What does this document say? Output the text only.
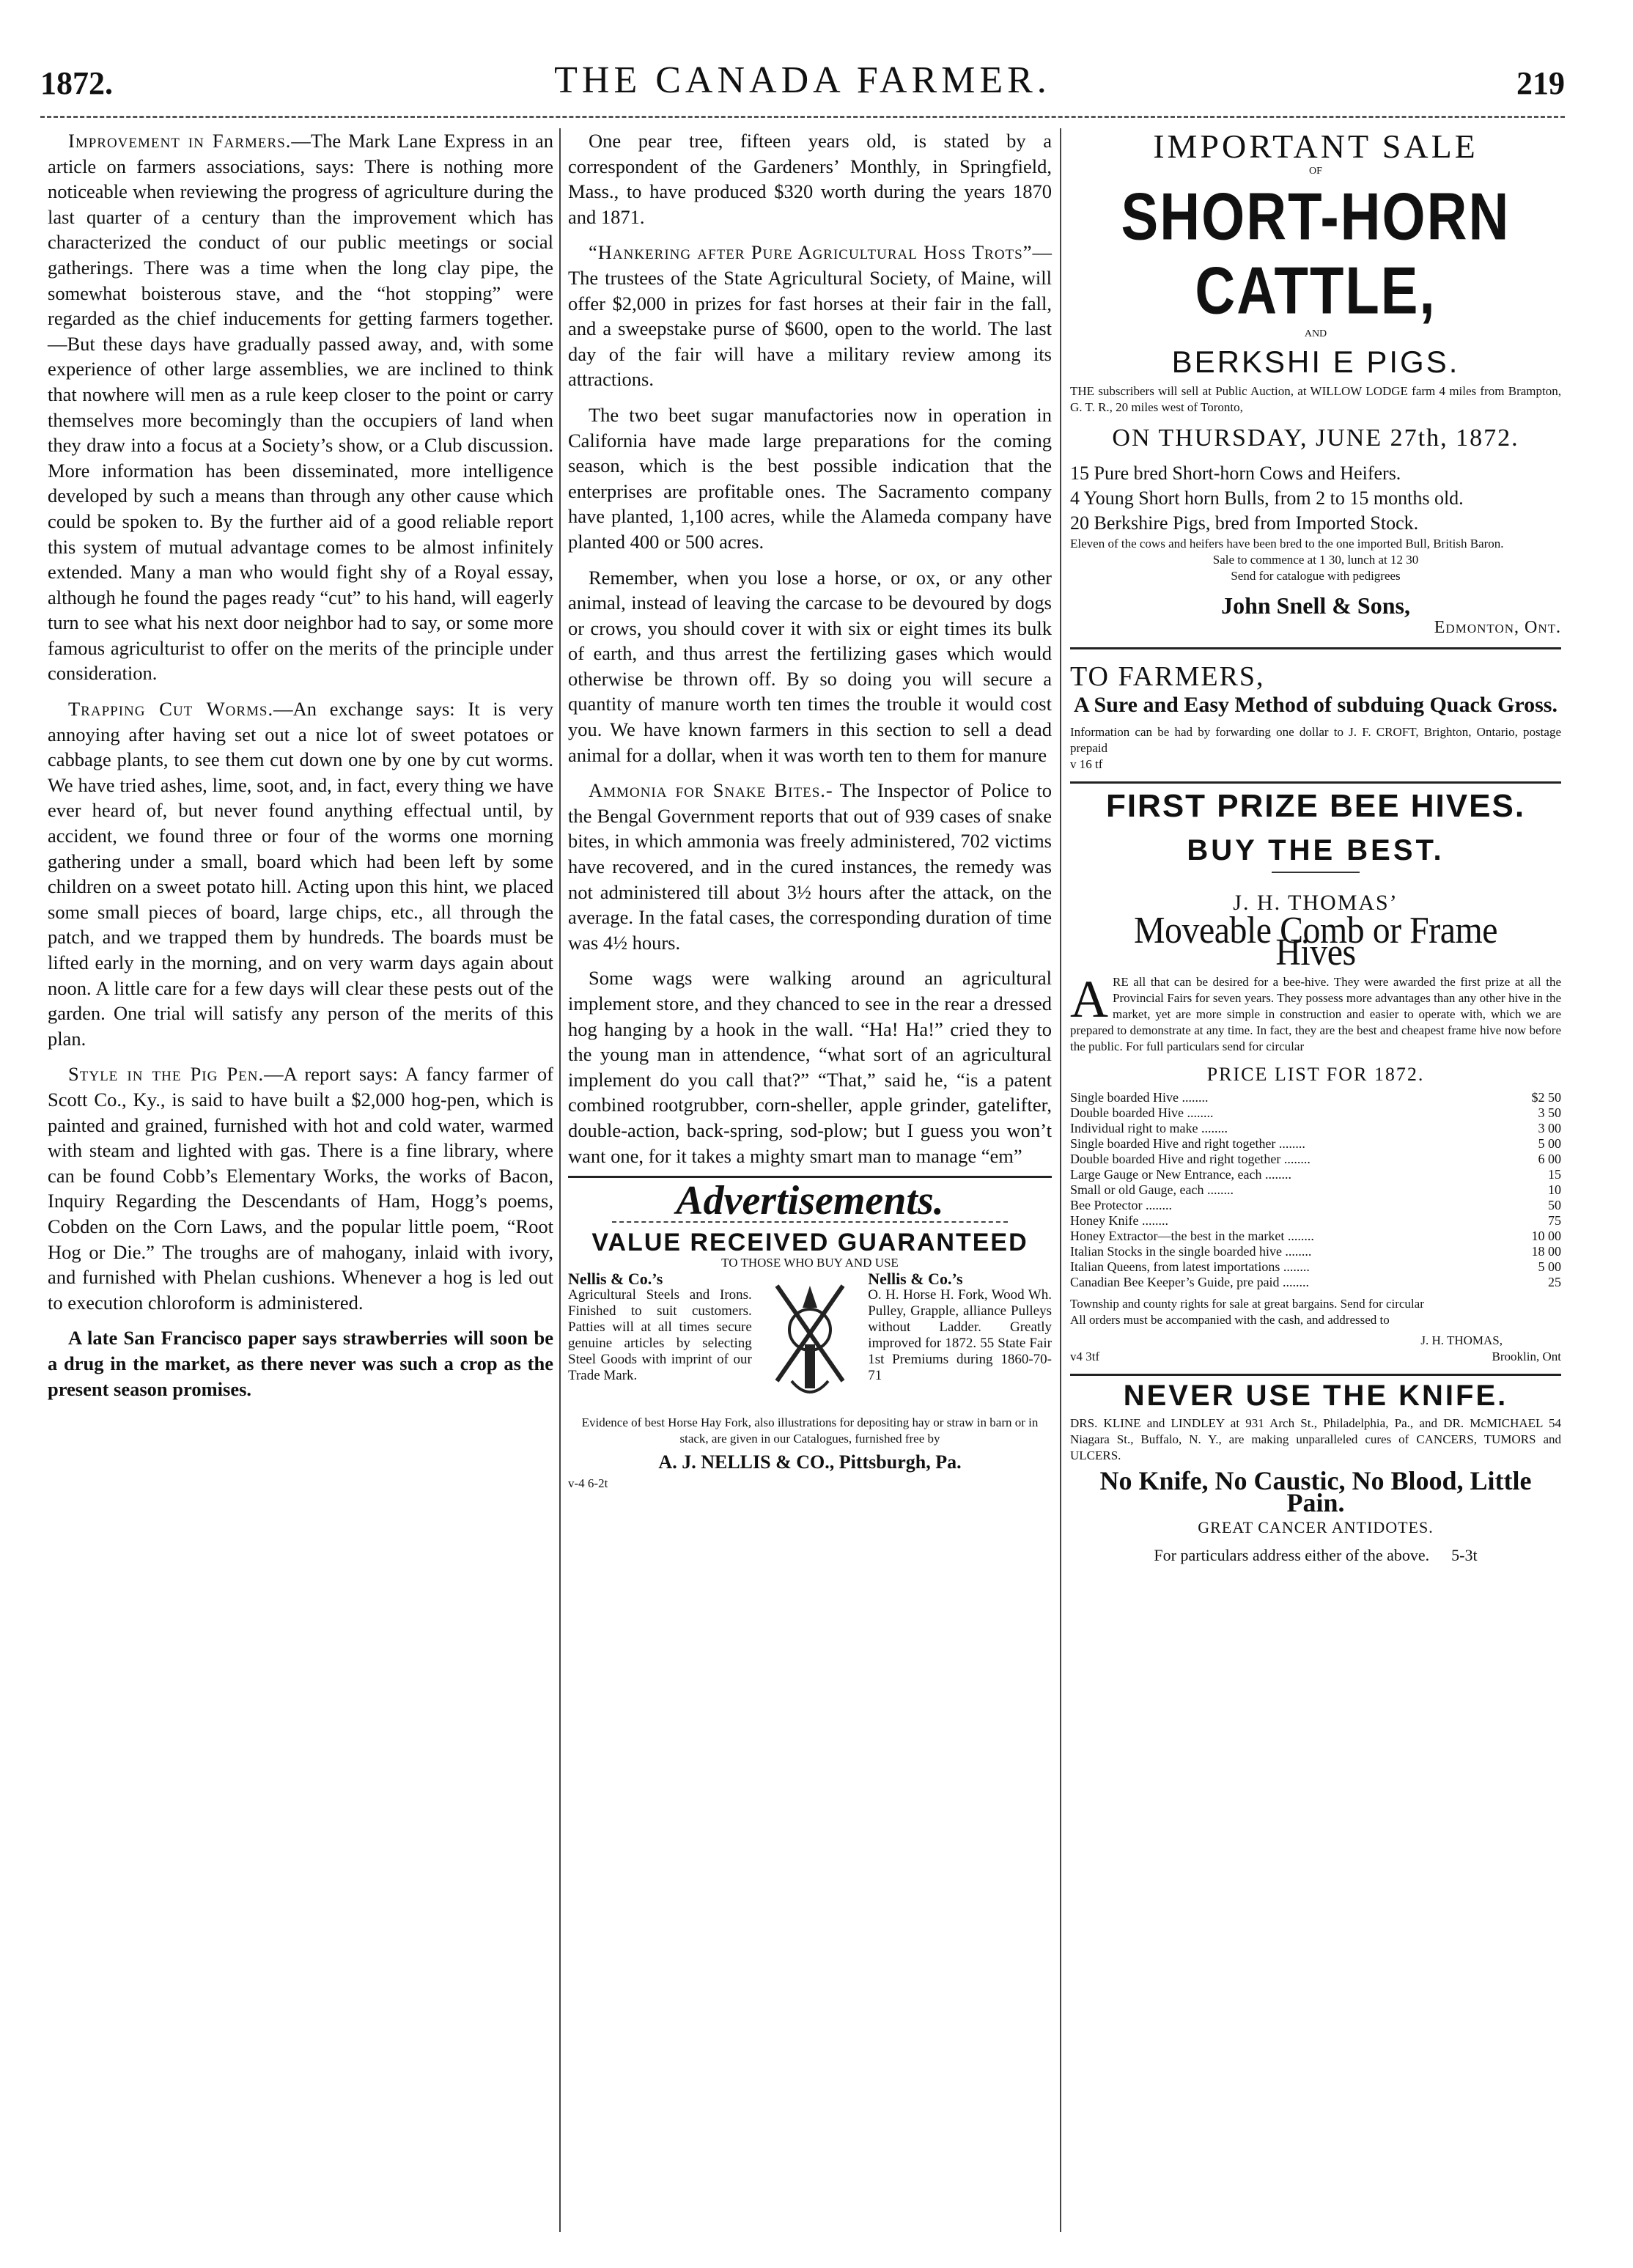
1872.	THE CANADA FARMER.	219

Improvement in Farmers.—The Mark Lane Express in an article on farmers associations, says: There is nothing more noticeable when reviewing the progress of agriculture during the last quarter of a century than the improvement which has characterized the conduct of our public meetings or social gatherings. There was a time when the long clay pipe, the somewhat boisterous stave, and the “hot stopping” were regarded as the chief inducements for getting farmers together.—But these days have gradually passed away, and, with some experience of other large assemblies, we are inclined to think that nowhere will men as a rule keep closer to the point or carry themselves more becomingly than the occupiers of land when they draw into a focus at a Society’s show, or a Club discussion. More information has been disseminated, more intelligence developed by such a means than through any other cause which could be spoken to. By the further aid of a good reliable report this system of mutual advantage comes to be almost infinitely extended. Many a man who would fight shy of a Royal essay, although he found the pages ready “cut” to his hand, will eagerly turn to see what his next door neighbor had to say, or some more famous agriculturist to offer on the merits of the principle under consideration.

Trapping Cut Worms.—An exchange says: It is very annoying after having set out a nice lot of sweet potatoes or cabbage plants, to see them cut down one by one by cut worms. We have tried ashes, lime, soot, and, in fact, every thing we have ever heard of, but never found anything effectual until, by accident, we found three or four of the worms one morning gathering under a small, board which had been left by some children on a sweet potato hill. Acting upon this hint, we placed some small pieces of board, large chips, etc., all through the patch, and we trapped them by hundreds. The boards must be lifted early in the morning, and on very warm days again about noon. A little care for a few days will clear these pests out of the garden. One trial will satisfy any person of the merits of this plan.

Style in the Pig Pen.—A report says: A fancy farmer of Scott Co., Ky., is said to have built a $2,000 hog-pen, which is painted and grained, furnished with hot and cold water, warmed with steam and lighted with gas. There is a fine library, where can be found Cobb’s Elementary Works, the works of Bacon, Inquiry Regarding the Descendants of Ham, Hogg’s poems, Cobden on the Corn Laws, and the popular little poem, “Root Hog or Die.” The troughs are of mahogany, inlaid with ivory, and furnished with Phelan cushions. Whenever a hog is led out to execution chloroform is administered.

A late San Francisco paper says strawberries will soon be a drug in the market, as there never was such a crop as the present season promises.

One pear tree, fifteen years old, is stated by a correspondent of the Gardeners’ Monthly, in Springfield, Mass., to have produced $320 worth during the years 1870 and 1871.

“Hankering after Pure Agricultural Hoss Trots”—The trustees of the State Agricultural Society, of Maine, will offer $2,000 in prizes for fast horses at their fair in the fall, and a sweepstake purse of $600, open to the world. The last day of the fair will have a military review among its attractions.

The two beet sugar manufactories now in operation in California have made large preparations for the coming season, which is the best possible indication that the enterprises are profitable ones. The Sacramento company have planted, 1,100 acres, while the Alameda company have planted 400 or 500 acres.

Remember, when you lose a horse, or ox, or any other animal, instead of leaving the carcase to be devoured by dogs or crows, you should cover it with six or eight times its bulk of earth, and thus arrest the fertilizing gases which would otherwise be thrown off. By so doing you will secure a quantity of manure worth ten times the trouble it would cost you. We have known farmers in this section to sell a dead animal for a dollar, when it was worth ten to them for manure

Ammonia for Snake Bites.- The Inspector of Police to the Bengal Government reports that out of 939 cases of snake bites, in which ammonia was freely administered, 702 victims have recovered, and in the cured instances, the remedy was not administered till about 3½ hours after the attack, on the average. In the fatal cases, the corresponding duration of time was 4½ hours.

Some wags were walking around an agricultural implement store, and they chanced to see in the rear a dressed hog hanging by a hook in the wall. “Ha! Ha!” cried they to the young man in attendence, “what sort of an agricultural implement do you call that?” “That,” said he, “is a patent combined rootgrubber, corn-sheller, apple grinder, gatelifter, double-action, back-spring, sod-plow; but I guess you won’t want one, for it takes a mighty smart man to manage “em”

Advertisements.
VALUE RECEIVED GUARANTEED
TO THOSE WHO BUY AND USE
Nellis & Co.’s
Agricultural Steels and Irons. Finished to suit customers. Patties will at all times secure genuine articles by selecting Steel Goods with imprint of our Trade Mark.
Nellis & Co.’s
O. H. Horse H. Fork, Wood Wh. Pulley, Grapple, alliance Pulleys without Ladder. Greatly improved for 1872. 55 State Fair 1st Premiums during 1860-70-71
Evidence of best Horse Hay Fork, also illustrations for depositing hay or straw in barn or in stack, are given in our Catalogues, furnished free by
A. J. NELLIS & CO., Pittsburgh, Pa.
v-4 6-2t
IMPORTANT SALE
OF
SHORT-HORN CATTLE,
AND
BERKSHI E PIGS.
THE subscribers will sell at Public Auction, at WILLOW LODGE farm 4 miles from Brampton, G. T. R., 20 miles west of Toronto,
ON THURSDAY, JUNE 27th, 1872.
15 Pure bred Short-horn Cows and Heifers.
4 Young Short horn Bulls, from 2 to 15 months old.
20 Berkshire Pigs, bred from Imported Stock.
Eleven of the cows and heifers have been bred to the one imported Bull, British Baron.
Sale to commence at 1 30, lunch at 12 30
Send for catalogue with pedigrees
John Snell & Sons,
Edmonton, Ont.
TO FARMERS,
A Sure and Easy Method of subduing Quack Gross.
Information can be had by forwarding one dollar to J. F. CROFT, Brighton, Ontario, postage prepaid
v 16 tf
FIRST PRIZE BEE HIVES.
BUY THE BEST.
J. H. THOMAS’
Moveable Comb or Frame Hives
ARE all that can be desired for a bee-hive. They were awarded the first prize at all the Provincial Fairs for seven years. They possess more advantages than any other hive in the market, yet are more simple in construction and easier to operate with, which we are prepared to demonstrate at any time. In fact, they are the best and cheapest frame hive now before the public. For full particulars send for circular
PRICE LIST FOR 1872.
Single boarded Hive ........	$2 50
Double boarded Hive ........	3 50
Individual right to make ........	3 00
Single boarded Hive and right together ........	5 00
Double boarded Hive and right together ........	6 00
Large Gauge or New Entrance, each ........	15
Small or old Gauge, each ........	10
Bee Protector ........	50
Honey Knife ........	75
Honey Extractor—the best in the market ........	10 00
Italian Stocks in the single boarded hive ........	18 00
Italian Queens, from latest importations ........	5 00
Canadian Bee Keeper’s Guide, pre paid ........	25
Township and county rights for sale at great bargains. Send for circular
All orders must be accompanied with the cash, and addressed to
J. H. THOMAS,
v4 3tf	Brooklin, Ont
NEVER USE THE KNIFE.
DRS. KLINE and LINDLEY at 931 Arch St., Philadelphia, Pa., and DR. McMICHAEL 54 Niagara St., Buffalo, N. Y., are making unparalleled cures of CANCERS, TUMORS and ULCERS.
No Knife, No Caustic, No Blood, Little Pain.
GREAT CANCER ANTIDOTES.
For particulars address either of the above. 5-3t
